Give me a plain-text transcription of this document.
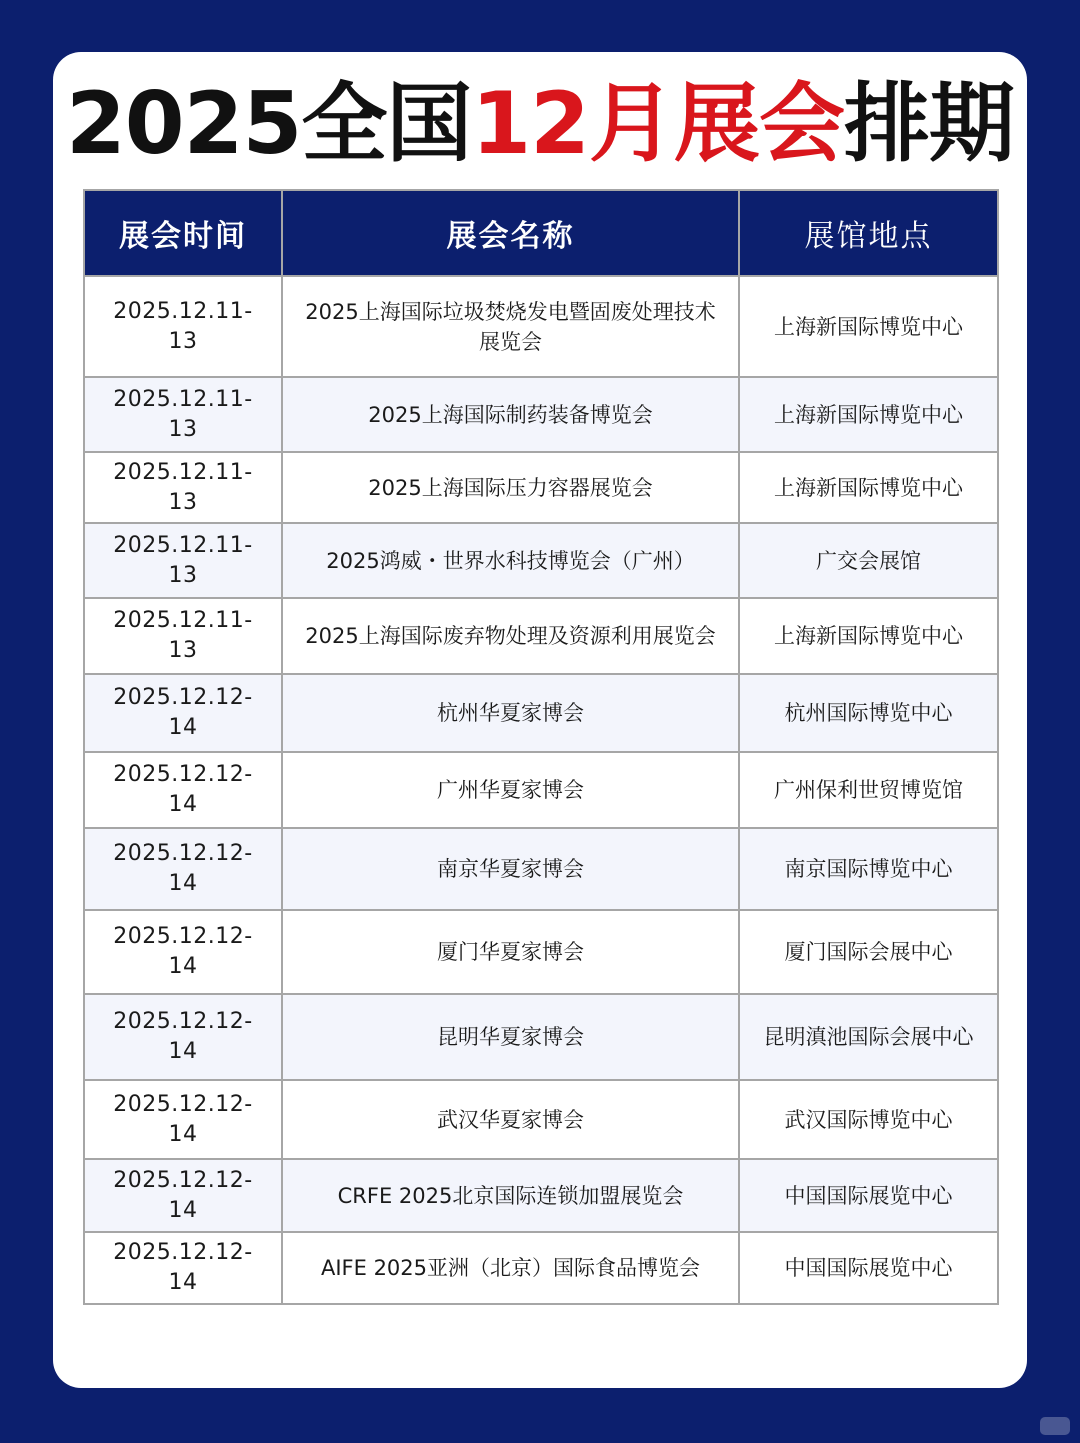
2025全国12月展会排期
展会时间	展会名称	展馆地点
2025.12.11-13	2025上海国际垃圾焚烧发电暨固废处理技术展览会	上海新国际博览中心
2025.12.11-13	2025上海国际制药装备博览会	上海新国际博览中心
2025.12.11-13	2025上海国际压力容器展览会	上海新国际博览中心
2025.12.11-13	2025鸿威・世界水科技博览会（广州）	广交会展馆
2025.12.11-13	2025上海国际废弃物处理及资源利用展览会	上海新国际博览中心
2025.12.12-14	杭州华夏家博会	杭州国际博览中心
2025.12.12-14	广州华夏家博会	广州保利世贸博览馆
2025.12.12-14	南京华夏家博会	南京国际博览中心
2025.12.12-14	厦门华夏家博会	厦门国际会展中心
2025.12.12-14	昆明华夏家博会	昆明滇池国际会展中心
2025.12.12-14	武汉华夏家博会	武汉国际博览中心
2025.12.12-14	CRFE 2025北京国际连锁加盟展览会	中国国际展览中心
2025.12.12-14	AIFE 2025亚洲（北京）国际食品博览会	中国国际展览中心
